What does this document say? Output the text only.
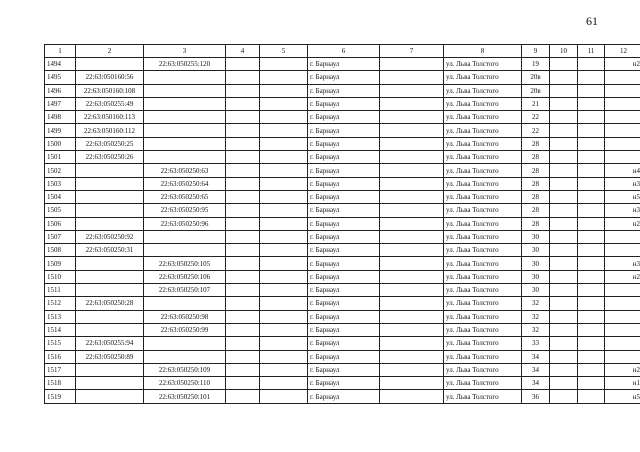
61
1	2	3	4	5	6	7	8	9	10	11	12
1494		22:63:050255:120			г. Барнаул		ул. Льва Толстого	19			н2
1495	22:63:050160:56				г. Барнаул		ул. Льва Толстого	20в			
1496	22:63:050160:108				г. Барнаул		ул. Льва Толстого	20в			
1497	22:63:050255:49				г. Барнаул		ул. Льва Толстого	21			
1498	22:63:050160:113				г. Барнаул		ул. Льва Толстого	22			
1499	22:63:050160:112				г. Барнаул		ул. Льва Толстого	22			
1500	22:63:050250:25				г. Барнаул		ул. Льва Толстого	28			
1501	22:63:050250:26				г. Барнаул		ул. Льва Толстого	28			
1502		22:63:050250:63			г. Барнаул		ул. Льва Толстого	28			н4
1503		22:63:050250:64			г. Барнаул		ул. Льва Толстого	28			н3
1504		22:63:050250:65			г. Барнаул		ул. Льва Толстого	28			н5
1505		22:63:050250:95			г. Барнаул		ул. Льва Толстого	28			н3
1506		22:63:050250:96			г. Барнаул		ул. Льва Толстого	28			н2
1507	22:63:050250:92				г. Барнаул		ул. Льва Толстого	30			
1508	22:63:050250:31				г. Барнаул		ул. Льва Толстого	30			
1509		22:63:050250:105			г. Барнаул		ул. Льва Толстого	30			н3
1510		22:63:050250:106			г. Барнаул		ул. Льва Толстого	30			н2
1511		22:63:050250:107			г. Барнаул		ул. Льва Толстого	30			
1512	22:63:050250:28				г. Барнаул		ул. Льва Толстого	32			
1513		22:63:050250:98			г. Барнаул		ул. Льва Толстого	32			
1514		22:63:050250:99			г. Барнаул		ул. Льва Толстого	32			
1515	22:63:050255:94				г. Барнаул		ул. Льва Толстого	33			
1516	22:63:050250:89				г. Барнаул		ул. Льва Толстого	34			
1517		22:63:050250:109			г. Барнаул		ул. Льва Толстого	34			н2
1518		22:63:050250:110			г. Барнаул		ул. Льва Толстого	34			н1
1519		22:63:050250:101			г. Барнаул		ул. Льва Толстого	36			н5
